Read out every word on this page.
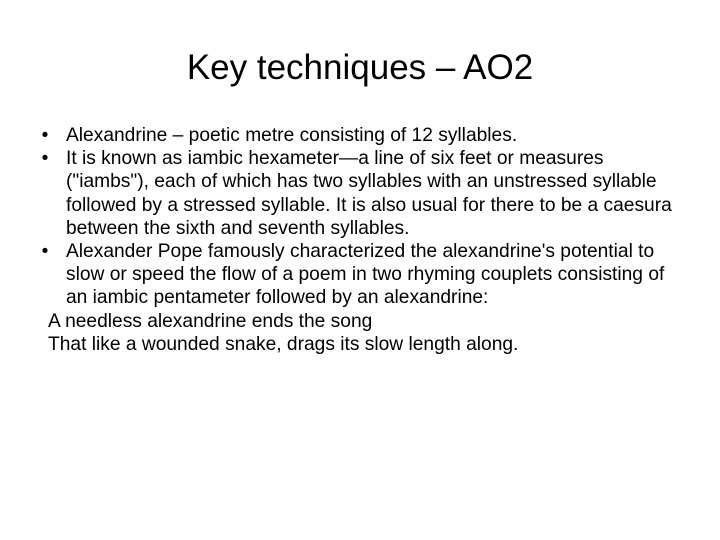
Key techniques – AO2
• Alexandrine – poetic metre consisting of 12 syllables.
• It is known as iambic hexameter—a line of six feet or measures ("iambs"), each of which has two syllables with an unstressed syllable followed by a stressed syllable. It is also usual for there to be a caesura between the sixth and seventh syllables.
• Alexander Pope famously characterized the alexandrine's potential to slow or speed the flow of a poem in two rhyming couplets consisting of an iambic pentameter followed by an alexandrine:

A needless alexandrine ends the song

That like a wounded snake, drags its slow length along.
